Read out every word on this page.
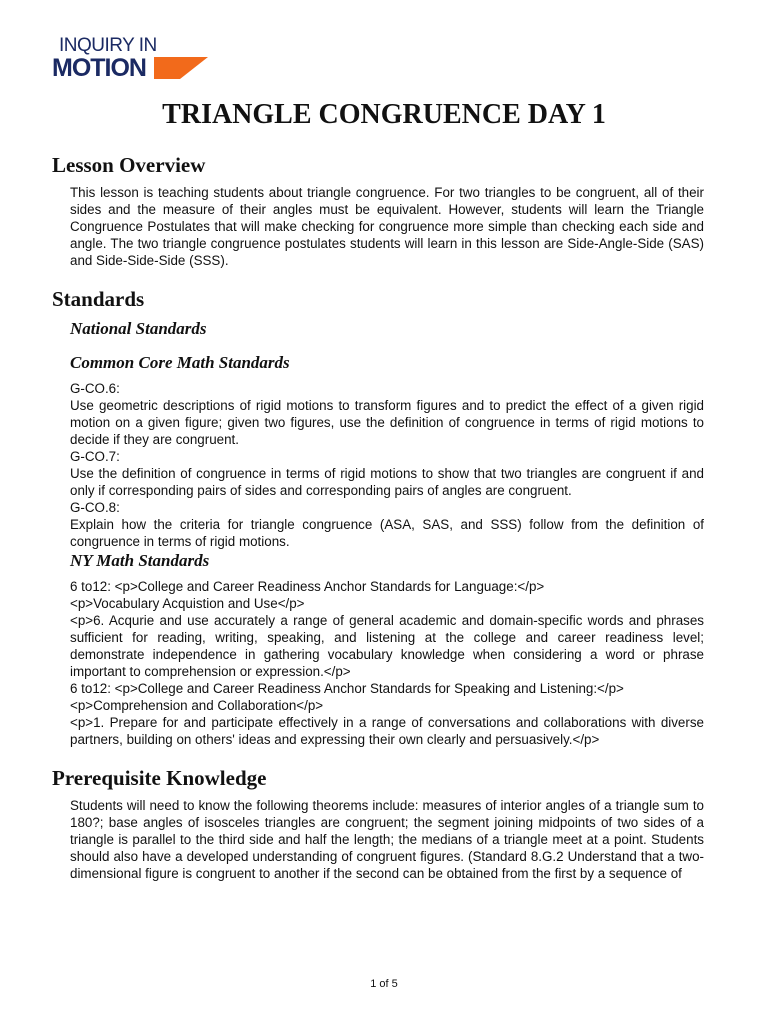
INQUIRY IN
MOTION
TRIANGLE CONGRUENCE DAY 1
Lesson Overview

This lesson is teaching students about triangle congruence. For two triangles to be congruent, all of their sides and the measure of their angles must be equivalent. However, students will learn the Triangle Congruence Postulates that will make checking for congruence more simple than checking each side and angle. The two triangle congruence postulates students will learn in this lesson are Side-Angle-Side (SAS) and Side-Side-Side (SSS).

Standards
National Standards
Common Core Math Standards

G-CO.6:

Use geometric descriptions of rigid motions to transform figures and to predict the effect of a given rigid motion on a given figure; given two figures, use the definition of congruence in terms of rigid motions to decide if they are congruent.

G-CO.7:

Use the definition of congruence in terms of rigid motions to show that two triangles are congruent if and only if corresponding pairs of sides and corresponding pairs of angles are congruent.

G-CO.8:

Explain how the criteria for triangle congruence (ASA, SAS, and SSS) follow from the definition of congruence in terms of rigid motions.

NY Math Standards

6 to12: <p>College and Career Readiness Anchor Standards for Language:</p>

<p>Vocabulary Acquistion and Use</p>

<p>6. Acqurie and use accurately a range of general academic and domain-specific words and phrases sufficient for reading, writing, speaking, and listening at the college and career readiness level; demonstrate independence in gathering vocabulary knowledge when considering a word or phrase important to comprehension or expression.</p>

6 to12: <p>College and Career Readiness Anchor Standards for Speaking and Listening:</p>

<p>Comprehension and Collaboration</p>

<p>1. Prepare for and participate effectively in a range of conversations and collaborations with diverse partners, building on others' ideas and expressing their own clearly and persuasively.</p>

Prerequisite Knowledge

Students will need to know the following theorems include: measures of interior angles of a triangle sum to 180?; base angles of isosceles triangles are congruent; the segment joining midpoints of two sides of a triangle is parallel to the third side and half the length; the medians of a triangle meet at a point. Students should also have a developed understanding of congruent figures. (Standard 8.G.2 Understand that a two-dimensional figure is congruent to another if the second can be obtained from the first by a sequence of

1 of 5
